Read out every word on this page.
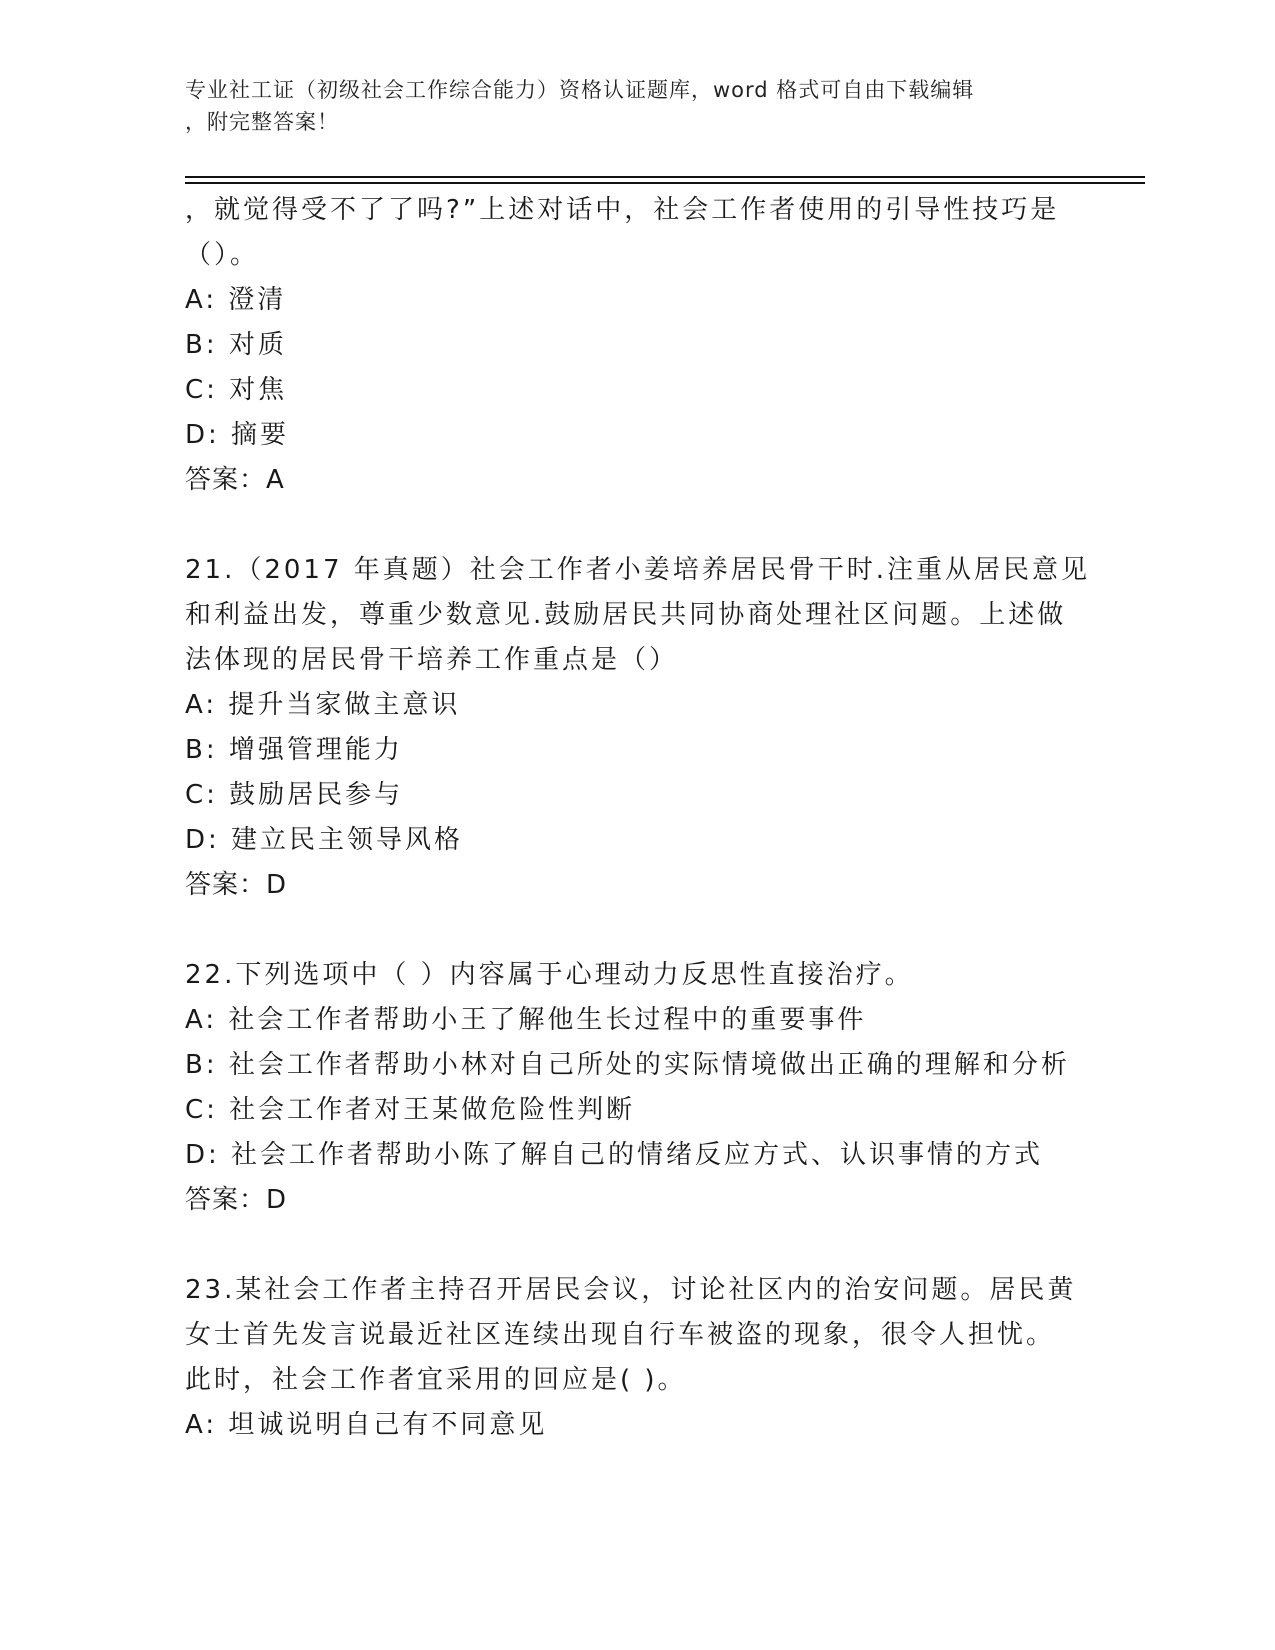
专业社工证（初级社会工作综合能力）资格认证题库，word 格式可自由下载编辑
，附完整答案！
，就觉得受不了了吗?”上述对话中，社会工作者使用的引导性技巧是
（）。
A: 澄清
B: 对质
C: 对焦
D: 摘要
答案：A
21.（2017 年真题）社会工作者小姜培养居民骨干时.注重从居民意见
和利益出发，尊重少数意见.鼓励居民共同协商处理社区问题。上述做
法体现的居民骨干培养工作重点是（）
A: 提升当家做主意识
B: 增强管理能力
C: 鼓励居民参与
D: 建立民主领导风格
答案：D
22.下列选项中（ ）内容属于心理动力反思性直接治疗。
A: 社会工作者帮助小王了解他生长过程中的重要事件
B: 社会工作者帮助小林对自己所处的实际情境做出正确的理解和分析
C: 社会工作者对王某做危险性判断
D: 社会工作者帮助小陈了解自己的情绪反应方式、认识事情的方式
答案：D
23.某社会工作者主持召开居民会议，讨论社区内的治安问题。居民黄
女士首先发言说最近社区连续出现自行车被盗的现象，很令人担忧。
此时，社会工作者宜采用的回应是( )。
A: 坦诚说明自己有不同意见
